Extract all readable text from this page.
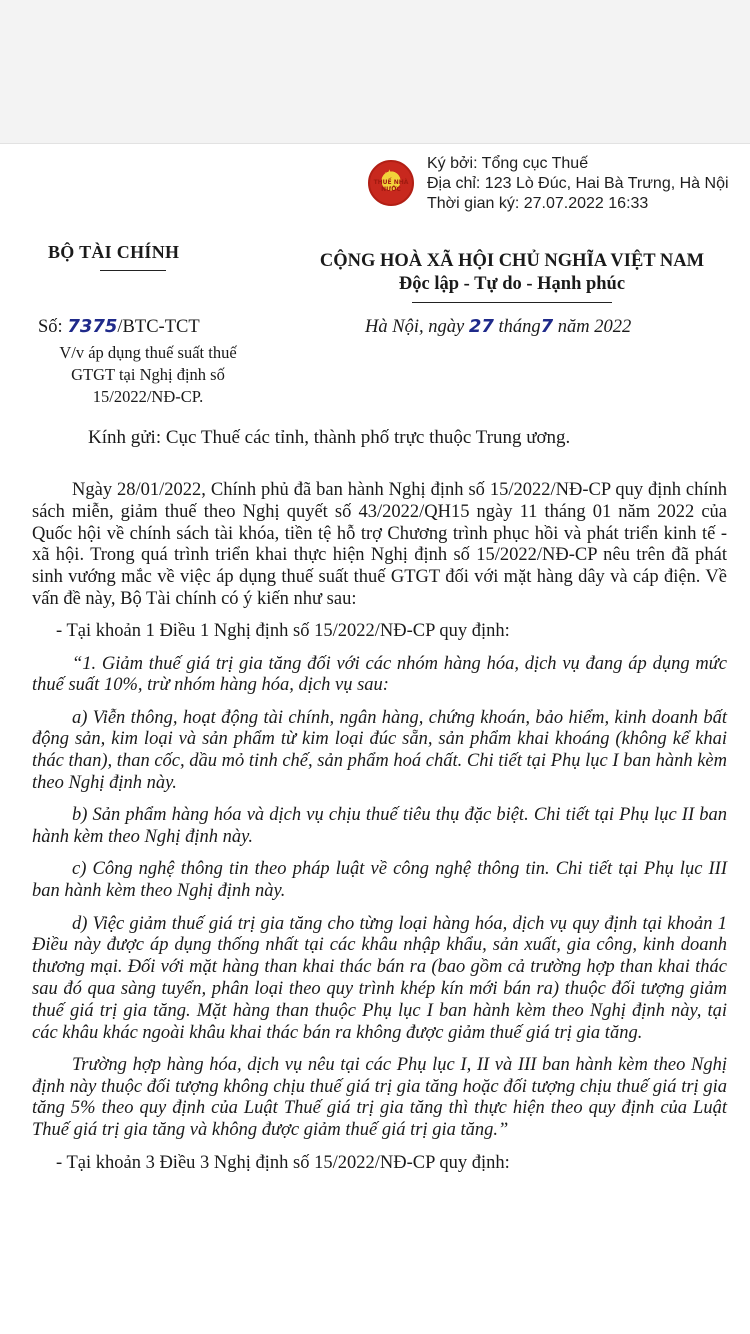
★
THUẾ NHÀ NƯỚC
Ký bởi: Tổng cục Thuế
Địa chỉ: 123 Lò Đúc, Hai Bà Trưng, Hà Nội
Thời gian ký: 27.07.2022 16:33
BỘ TÀI CHÍNH	CỘNG HOÀ XÃ HỘI CHỦ NGHĨA VIỆT NAM
Độc lập - Tự do - Hạnh phúc
Số: 7375/BTC-TCT
V/v áp dụng thuế suất thuế
GTGT tại Nghị định số
15/2022/NĐ-CP.
Hà Nội, ngày 27 tháng7 năm 2022
Kính gửi: Cục Thuế các tỉnh, thành phố trực thuộc Trung ương.

Ngày 28/01/2022, Chính phủ đã ban hành Nghị định số 15/2022/NĐ-CP quy định chính sách miễn, giảm thuế theo Nghị quyết số 43/2022/QH15 ngày 11 tháng 01 năm 2022 của Quốc hội về chính sách tài khóa, tiền tệ hỗ trợ Chương trình phục hồi và phát triển kinh tế - xã hội. Trong quá trình triển khai thực hiện Nghị định số 15/2022/NĐ-CP nêu trên đã phát sinh vướng mắc về việc áp dụng thuế suất thuế GTGT đối với mặt hàng dây và cáp điện. Về vấn đề này, Bộ Tài chính có ý kiến như sau:

- Tại khoản 1 Điều 1 Nghị định số 15/2022/NĐ-CP quy định:

“1. Giảm thuế giá trị gia tăng đối với các nhóm hàng hóa, dịch vụ đang áp dụng mức thuế suất 10%, trừ nhóm hàng hóa, dịch vụ sau:

a) Viễn thông, hoạt động tài chính, ngân hàng, chứng khoán, bảo hiểm, kinh doanh bất động sản, kim loại và sản phẩm từ kim loại đúc sẵn, sản phẩm khai khoáng (không kể khai thác than), than cốc, dầu mỏ tinh chế, sản phẩm hoá chất. Chi tiết tại Phụ lục I ban hành kèm theo Nghị định này.

b) Sản phẩm hàng hóa và dịch vụ chịu thuế tiêu thụ đặc biệt. Chi tiết tại Phụ lục II ban hành kèm theo Nghị định này.

c) Công nghệ thông tin theo pháp luật về công nghệ thông tin. Chi tiết tại Phụ lục III ban hành kèm theo Nghị định này.

d) Việc giảm thuế giá trị gia tăng cho từng loại hàng hóa, dịch vụ quy định tại khoản 1 Điều này được áp dụng thống nhất tại các khâu nhập khẩu, sản xuất, gia công, kinh doanh thương mại. Đối với mặt hàng than khai thác bán ra (bao gồm cả trường hợp than khai thác sau đó qua sàng tuyển, phân loại theo quy trình khép kín mới bán ra) thuộc đối tượng giảm thuế giá trị gia tăng. Mặt hàng than thuộc Phụ lục I ban hành kèm theo Nghị định này, tại các khâu khác ngoài khâu khai thác bán ra không được giảm thuế giá trị gia tăng.

Trường hợp hàng hóa, dịch vụ nêu tại các Phụ lục I, II và III ban hành kèm theo Nghị định này thuộc đối tượng không chịu thuế giá trị gia tăng hoặc đối tượng chịu thuế giá trị gia tăng 5% theo quy định của Luật Thuế giá trị gia tăng thì thực hiện theo quy định của Luật Thuế giá trị gia tăng và không được giảm thuế giá trị gia tăng.”

- Tại khoản 3 Điều 3 Nghị định số 15/2022/NĐ-CP quy định:
